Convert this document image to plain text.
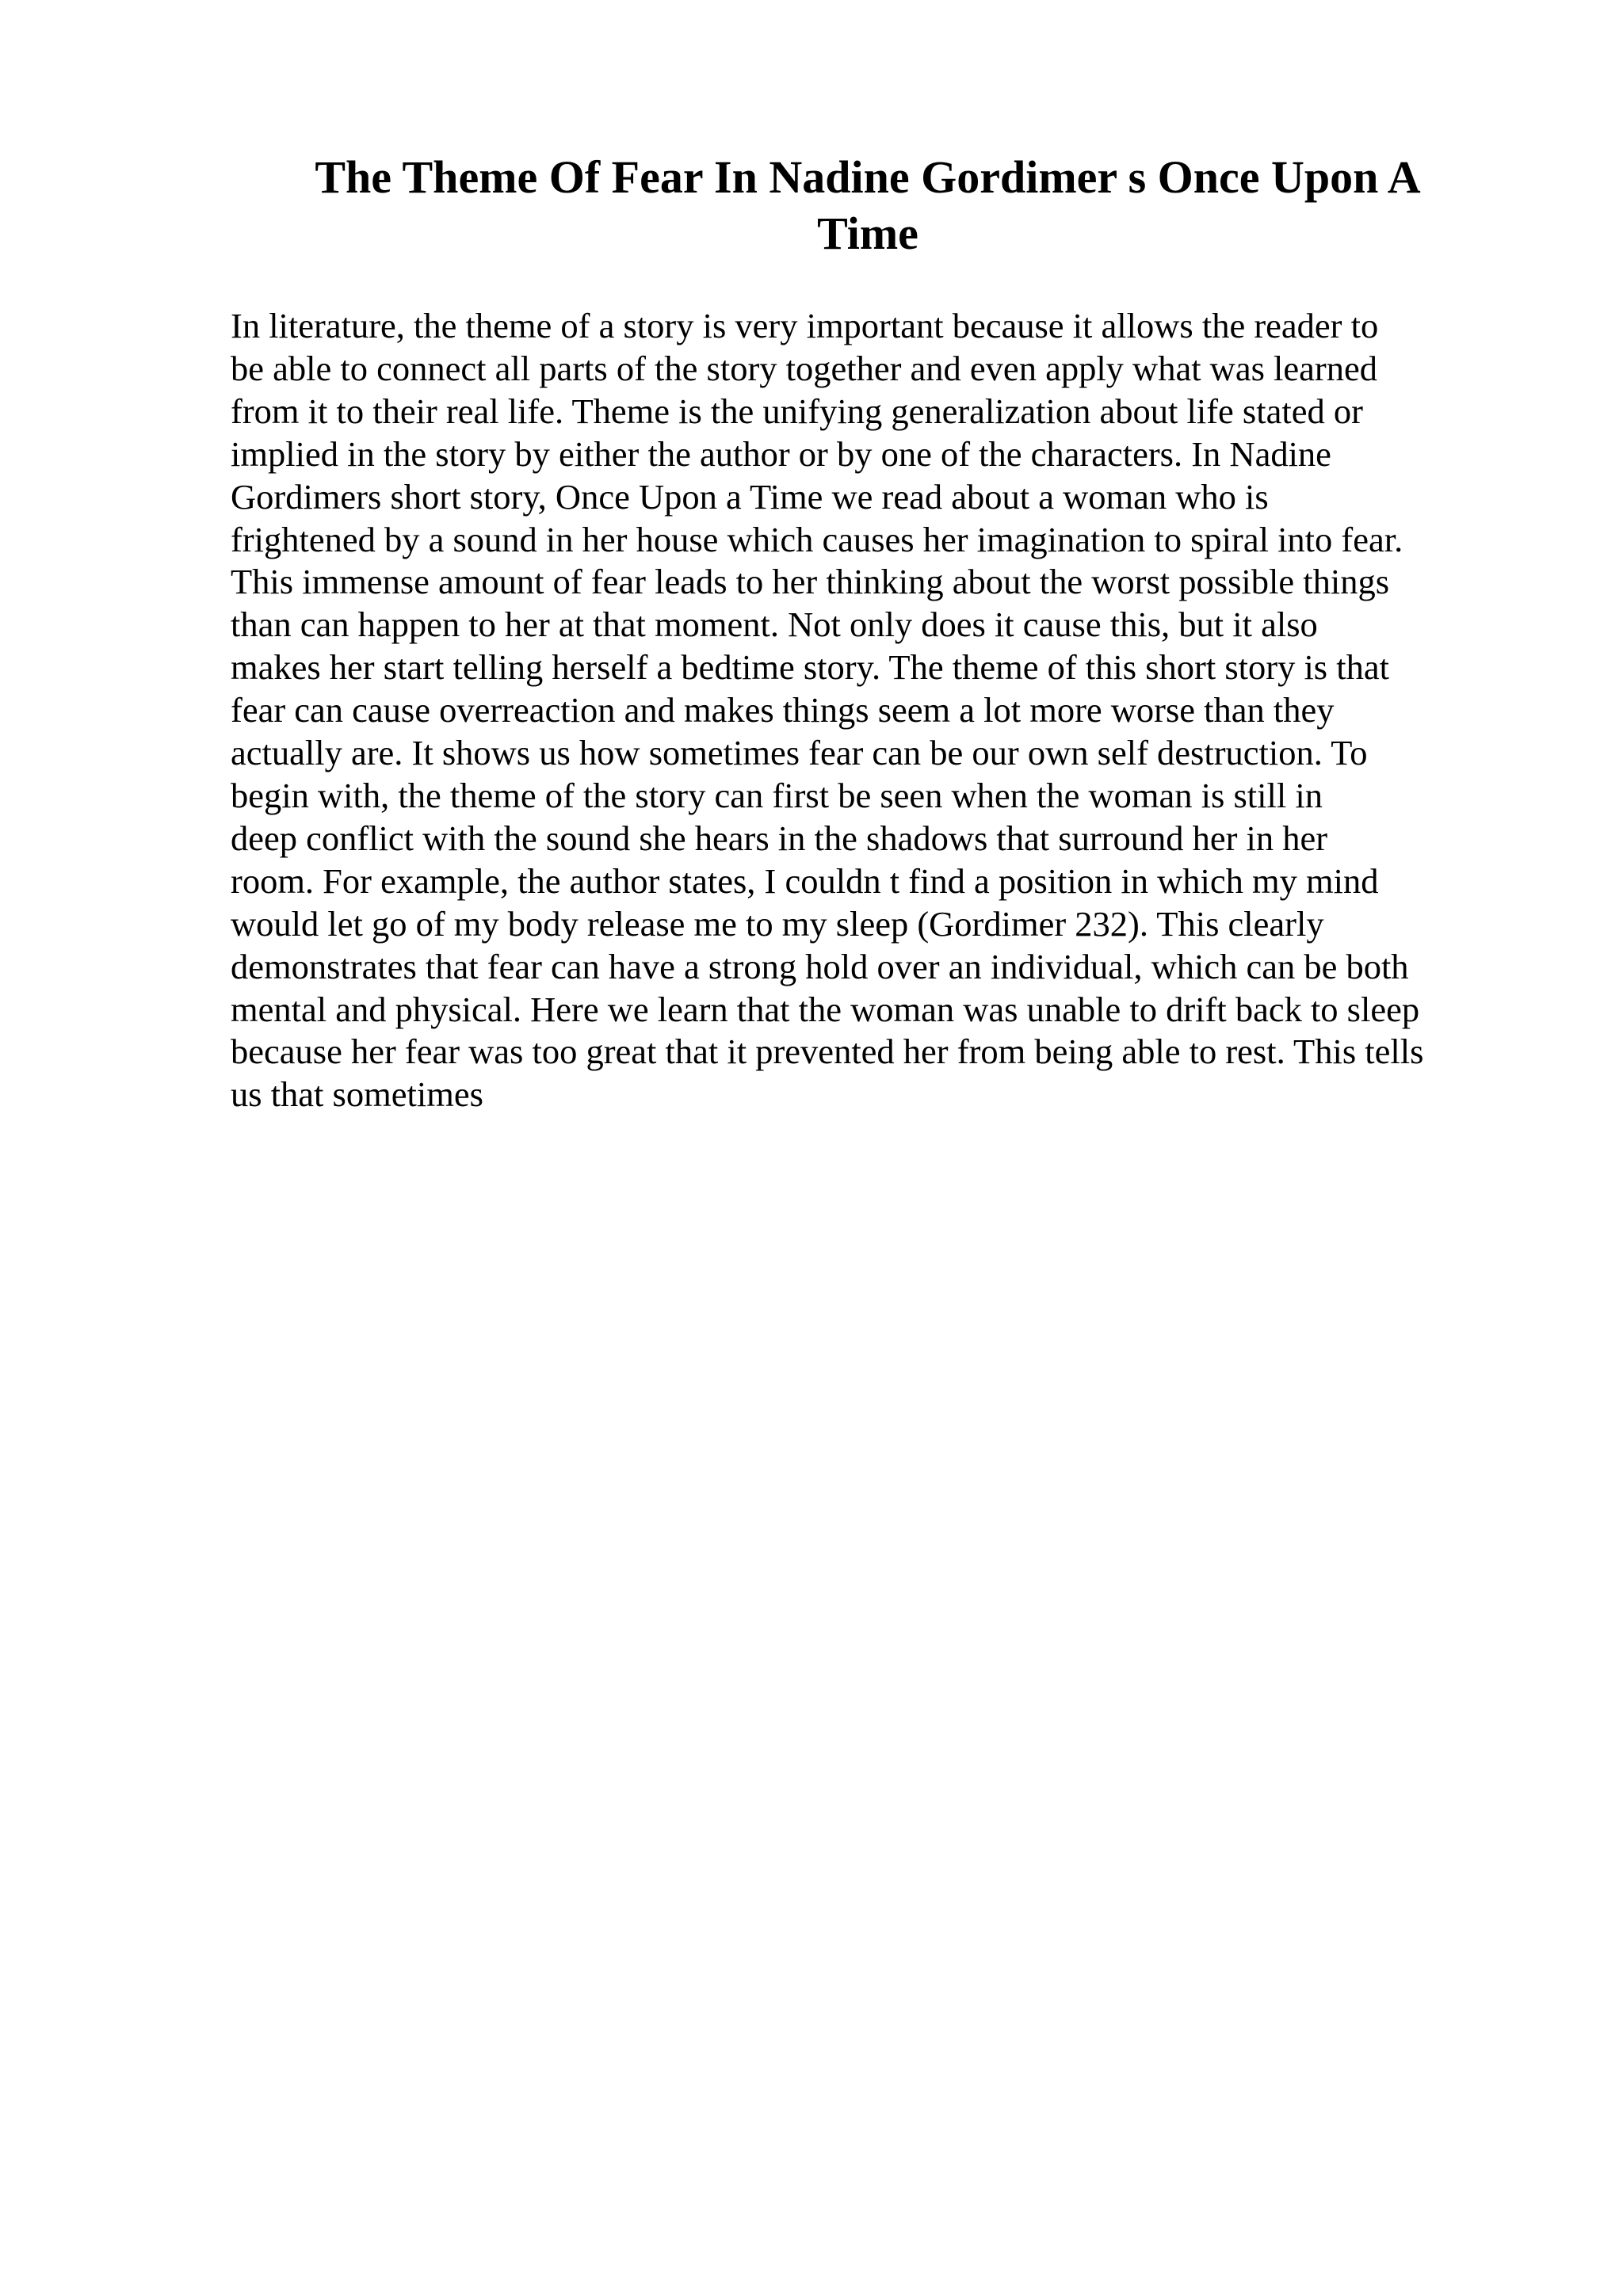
The Theme Of Fear In Nadine Gordimer s Once Upon A
Time
In literature, the theme of a story is very important because it allows the reader to
be able to connect all parts of the story together and even apply what was learned
from it to their real life. Theme is the unifying generalization about life stated or
implied in the story by either the author or by one of the characters. In Nadine
Gordimers short story, Once Upon a Time we read about a woman who is
frightened by a sound in her house which causes her imagination to spiral into fear.
This immense amount of fear leads to her thinking about the worst possible things
than can happen to her at that moment. Not only does it cause this, but it also
makes her start telling herself a bedtime story. The theme of this short story is that
fear can cause overreaction and makes things seem a lot more worse than they
actually are. It shows us how sometimes fear can be our own self destruction. To
begin with, the theme of the story can first be seen when the woman is still in
deep conflict with the sound she hears in the shadows that surround her in her
room. For example, the author states, I couldn t find a position in which my mind
would let go of my body release me to my sleep (Gordimer 232). This clearly
demonstrates that fear can have a strong hold over an individual, which can be both
mental and physical. Here we learn that the woman was unable to drift back to sleep
because her fear was too great that it prevented her from being able to rest. This tells
us that sometimes
